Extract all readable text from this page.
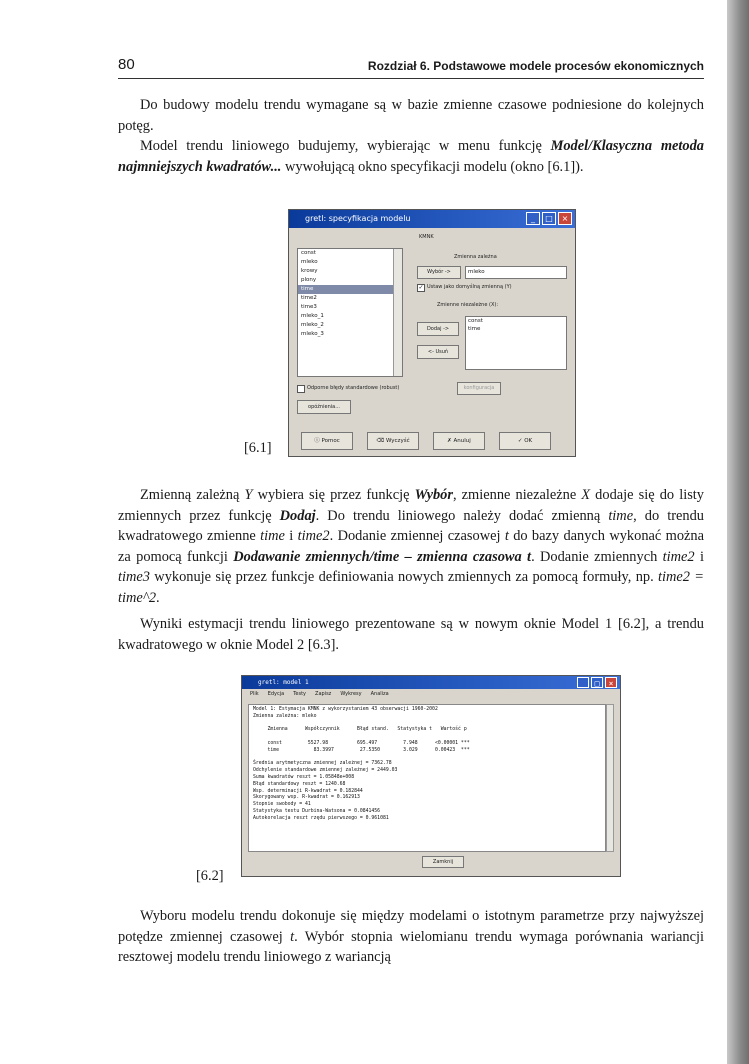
80	Rozdział 6. Podstawowe modele procesów ekonomicznych

Do budowy modelu trendu wymagane są w bazie zmienne czasowe podniesione do kolejnych potęg.

Model trendu liniowego budujemy, wybierając w menu funkcję Model/Klasyczna metoda najmniejszych kwadratów... wywołującą okno specyfikacji modelu (okno [6.1]).

[6.1]
gretl: specyfikacja modelu	_	□	×
KMNK
const
mleko
krowy
plony
time
time2
time3
mleko_1
mleko_2
mleko_3
Zmienna zależna
Wybór ->	mleko
✓ Ustaw jako domyślną zmienną (Y)
Zmienne niezależne (X):
Dodaj ->
<- Usuń
const
time
Odporne błędy standardowe (robust)	konfiguracja
opóźnienia...
ⓘ Pomoc	⌫ Wyczyść	✗ Anuluj	✓ OK

Zmienną zależną Y wybiera się przez funkcję Wybór, zmienne niezależne X dodaje się do listy zmiennych przez funkcję Dodaj. Do trendu liniowego należy dodać zmienną time, do trendu kwadratowego zmienne time i time2. Dodanie zmiennej czasowej t do bazy danych wykonać można za pomocą funkcji Dodawanie zmiennych/time – zmienna czasowa t. Dodanie zmiennych time2 i time3 wykonuje się przez funkcje definiowania nowych zmiennych za pomocą formuły, np. time2 = time^2.

Wyniki estymacji trendu liniowego prezentowane są w nowym oknie Model 1 [6.2], a trendu kwadratowego w oknie Model 2 [6.3].

[6.2]
gretl: model 1	_	□	×
Plik Edycja Testy Zapisz Wykresy Analiza
Model 1: Estymacja KMNK z wykorzystaniem 43 obserwacji 1960-2002
Zmienna zależna: mleko

Zmienna      Współczynnik      Błąd stand.   Statystyka t   Wartość p

const         5527.98          695.497         7.948      <0.00001 ***
time            83.3997         27.5350        3.029      0.00423  ***

Średnia arytmetyczna zmiennej zależnej = 7362.78
Odchylenie standardowe zmiennej zależnej = 2449.03
Suma kwadratów reszt = 1.05848e+008
Błąd standardowy reszt = 1240.68
Wsp. determinacji R-kwadrat = 0.182844
Skorygowany wsp. R-kwadrat = 0.162913
Stopnie swobody = 41
Statystyka testu Durbina-Watsona = 0.0841456
Autokorelacja reszt rzędu pierwszego = 0.961081
Zamknij

Wyboru modelu trendu dokonuje się między modelami o istotnym parametrze przy najwyższej potędze zmiennej czasowej t. Wybór stopnia wielomianu trendu wymaga porównania wariancji resztowej modelu trendu liniowego z wariancją
